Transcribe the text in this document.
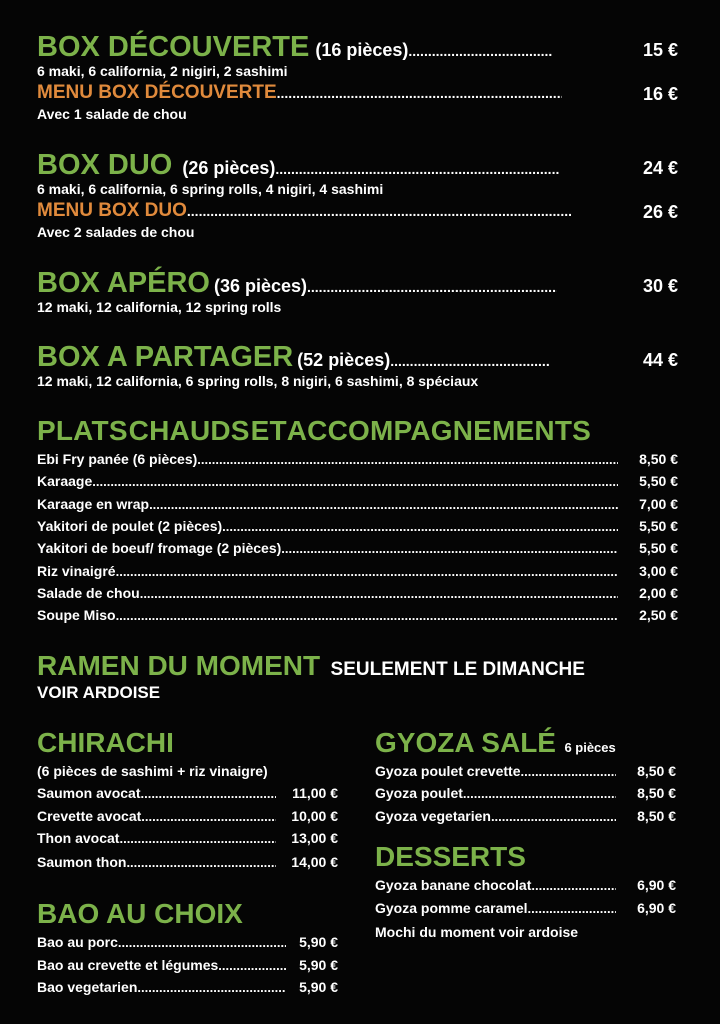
BOX DÉCOUVERTE (16 pièces) .....	15 €
6 maki, 6 california, 2 nigiri, 2 sashimi
MENU BOX DÉCOUVERTE .....	16 €
Avec 1 salade de chou
BOX DUO (26 pièces) .....	24 €
6 maki, 6 california, 6 spring rolls, 4 nigiri, 4 sashimi
MENU BOX DUO .....	26 €
Avec 2 salades de chou
BOX APÉRO (36 pièces) .....	30 €
12 maki, 12 california, 12 spring rolls
BOX A PARTAGER (52 pièces) .....	44 €
12 maki, 12 california, 6 spring rolls, 8 nigiri, 6 sashimi, 8 spéciaux
PLATS CHAUDS ET ACCOMPAGNEMENTS
Ebi Fry panée (6 pièces) .....	8,50 €
Karaage .....	5,50 €
Karaage en wrap .....	7,00 €
Yakitori de poulet (2 pièces) .....	5,50 €
Yakitori de boeuf/ fromage (2 pièces) .....	5,50 €
Riz vinaigré .....	3,00 €
Salade de chou .....	2,00 €
Soupe Miso .....	2,50 €
RAMEN DU MOMENT SEULEMENT LE DIMANCHE
VOIR ARDOISE
CHIRACHI
(6 pièces de sashimi + riz vinaigre)
Saumon avocat .....	11,00 €
Crevette avocat .....	10,00 €
Thon avocat .....	13,00 €
Saumon thon .....	14,00 €
BAO AU CHOIX
Bao au porc .....	5,90 €
Bao au crevette et légumes .....	5,90 €
Bao vegetarien .....	5,90 €
GYOZA SALÉ 6 pièces
Gyoza poulet crevette .....	8,50 €
Gyoza poulet .....	8,50 €
Gyoza vegetarien .....	8,50 €
DESSERTS
Gyoza banane chocolat .....	6,90 €
Gyoza pomme caramel .....	6,90 €
Mochi du moment voir ardoise
